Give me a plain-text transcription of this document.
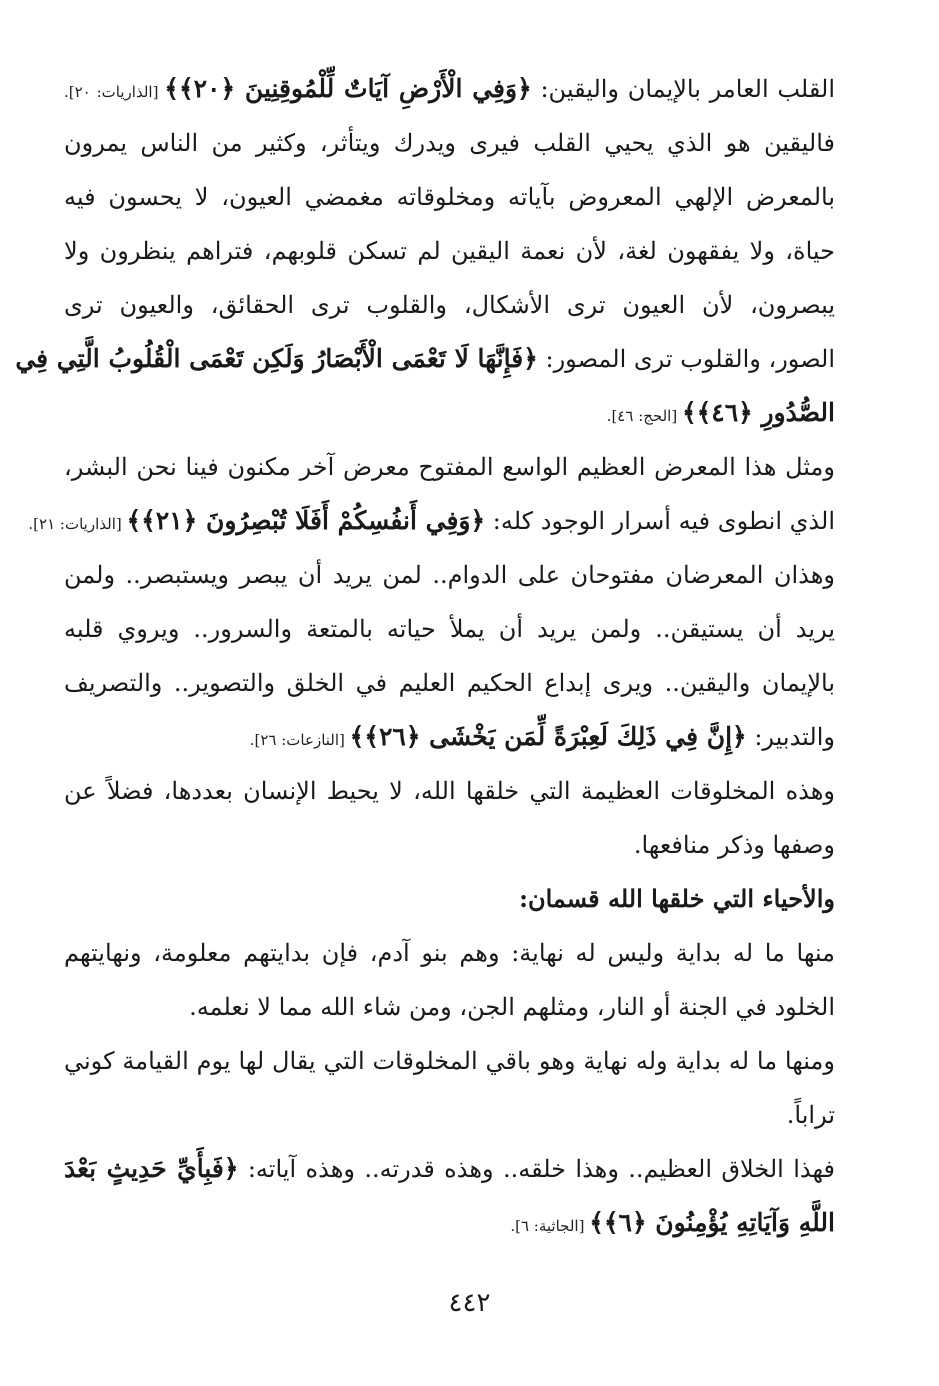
القلب العامر بالإيمان واليقين: ﴿وَفِي الْأَرْضِ آيَاتٌ لِّلْمُوقِنِينَ ﴿٢٠﴾﴾ [الذاريات: ٢٠].
فاليقين هو الذي يحيي القلب فيرى ويدرك ويتأثر، وكثير من الناس يمرون
بالمعرض الإلهي المعروض بآياته ومخلوقاته مغمضي العيون، لا يحسون فيه
حياة، ولا يفقهون لغة، لأن نعمة اليقين لم تسكن قلوبهم، فتراهم ينظرون ولا
يبصرون، لأن العيون ترى الأشكال، والقلوب ترى الحقائق، والعيون ترى
الصور، والقلوب ترى المصور: ﴿فَإِنَّهَا لَا تَعْمَى الْأَبْصَارُ وَلَكِن تَعْمَى الْقُلُوبُ الَّتِي فِي
الصُّدُورِ ﴿٤٦﴾﴾ [الحج: ٤٦].
ومثل هذا المعرض العظيم الواسع المفتوح معرض آخر مكنون فينا نحن البشر،
الذي انطوى فيه أسرار الوجود كله: ﴿وَفِي أَنفُسِكُمْ أَفَلَا تُبْصِرُونَ ﴿٢١﴾﴾ [الذاريات: ٢١].
وهذان المعرضان مفتوحان على الدوام.. لمن يريد أن يبصر ويستبصر.. ولمن
يريد أن يستيقن.. ولمن يريد أن يملأ حياته بالمتعة والسرور.. ويروي قلبه
بالإيمان واليقين.. ويرى إبداع الحكيم العليم في الخلق والتصوير.. والتصريف
والتدبير: ﴿إِنَّ فِي ذَلِكَ لَعِبْرَةً لِّمَن يَخْشَى ﴿٢٦﴾﴾ [النازعات: ٢٦].
وهذه المخلوقات العظيمة التي خلقها الله، لا يحيط الإنسان بعددها، فضلاً عن
وصفها وذكر منافعها.
والأحياء التي خلقها الله قسمان:
منها ما له بداية وليس له نهاية: وهم بنو آدم، فإن بدايتهم معلومة، ونهايتهم
الخلود في الجنة أو النار، ومثلهم الجن، ومن شاء الله مما لا نعلمه.
ومنها ما له بداية وله نهاية وهو باقي المخلوقات التي يقال لها يوم القيامة كوني
تراباً.
فهذا الخلاق العظيم.. وهذا خلقه.. وهذه قدرته.. وهذه آياته: ﴿فَبِأَيِّ حَدِيثٍ بَعْدَ
اللَّهِ وَآيَاتِهِ يُؤْمِنُونَ ﴿٦﴾﴾ [الجاثية: ٦].
٤٤٢
